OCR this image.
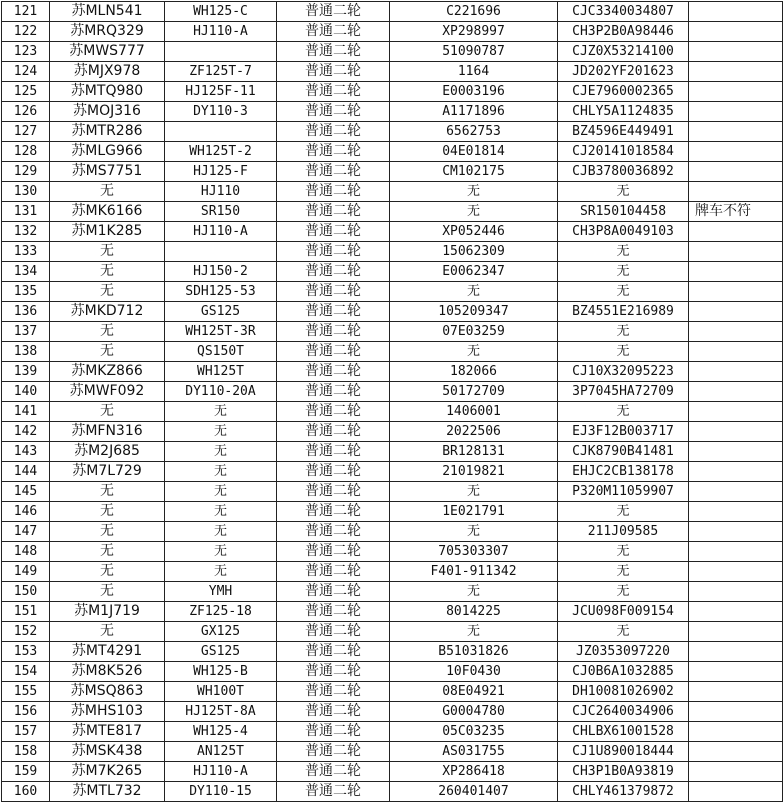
121	苏MLN541	WH125-C	普通二轮	C221696	CJC3340034807	
122	苏MRQ329	HJ110-A	普通二轮	XP298997	CH3P2B0A98446	
123	苏MWS777		普通二轮	51090787	CJZ0X53214100	
124	苏MJX978	ZF125T-7	普通二轮	1164	JD202YF201623	
125	苏MTQ980	HJ125F-11	普通二轮	E0003196	CJE7960002365	
126	苏MOJ316	DY110-3	普通二轮	A1171896	CHLY5A1124835	
127	苏MTR286		普通二轮	6562753	BZ4596E449491	
128	苏MLG966	WH125T-2	普通二轮	04E01814	CJ20141018584	
129	苏MS7751	HJ125-F	普通二轮	CM102175	CJB3780036892	
130	无	HJ110	普通二轮	无	无	
131	苏MK6166	SR150	普通二轮	无	SR150104458	牌车不符
132	苏M1K285	HJ110-A	普通二轮	XP052446	CH3P8A0049103	
133	无		普通二轮	15062309	无	
134	无	HJ150-2	普通二轮	E0062347	无	
135	无	SDH125-53	普通二轮	无	无	
136	苏MKD712	GS125	普通二轮	105209347	BZ4551E216989	
137	无	WH125T-3R	普通二轮	07E03259	无	
138	无	QS150T	普通二轮	无	无	
139	苏MKZ866	WH125T	普通二轮	182066	CJ10X32095223	
140	苏MWF092	DY110-20A	普通二轮	50172709	3P7045HA72709	
141	无	无	普通二轮	1406001	无	
142	苏MFN316	无	普通二轮	2022506	EJ3F12B003717	
143	苏M2J685	无	普通二轮	BR128131	CJK8790B41481	
144	苏M7L729	无	普通二轮	21019821	EHJC2CB138178	
145	无	无	普通二轮	无	P320M11059907	
146	无	无	普通二轮	1E021791	无	
147	无	无	普通二轮	无	211J09585	
148	无	无	普通二轮	705303307	无	
149	无	无	普通二轮	F401-911342	无	
150	无	YMH	普通二轮	无	无	
151	苏M1J719	ZF125-18	普通二轮	8014225	JCU098F009154	
152	无	GX125	普通二轮	无	无	
153	苏MT4291	GS125	普通二轮	B51031826	JZ0353097220	
154	苏M8K526	WH125-B	普通二轮	10F0430	CJ0B6A1032885	
155	苏MSQ863	WH100T	普通二轮	08E04921	DH10081026902	
156	苏MHS103	HJ125T-8A	普通二轮	G0004780	CJC2640034906	
157	苏MTE817	WH125-4	普通二轮	05C03235	CHLBX61001528	
158	苏MSK438	AN125T	普通二轮	AS031755	CJ1U890018444	
159	苏M7K265	HJ110-A	普通二轮	XP286418	CH3P1B0A93819	
160	苏MTL732	DY110-15	普通二轮	260401407	CHLY461379872	
